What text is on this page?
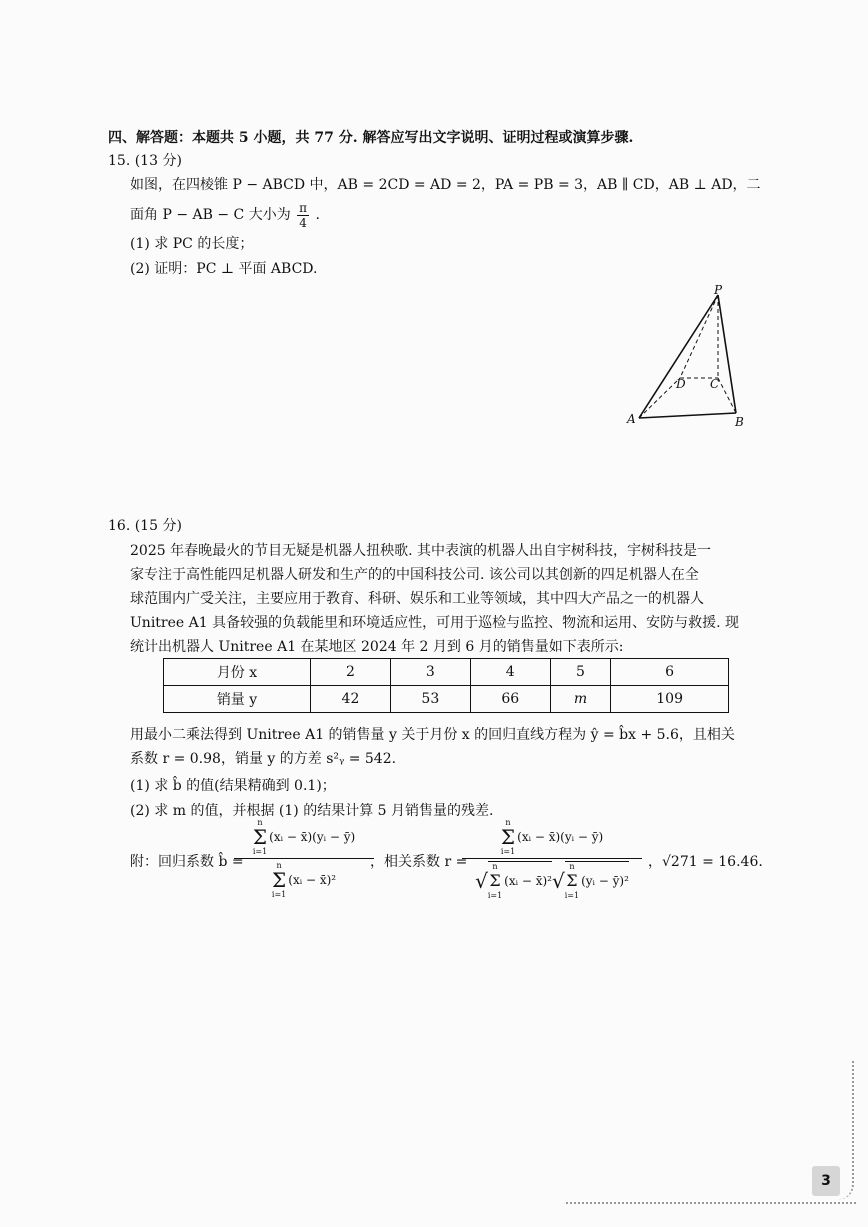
四、解答题：本题共 5 小题，共 77 分. 解答应写出文字说明、证明过程或演算步骤.
15. (13 分)
如图，在四棱锥 P − ABCD 中，AB = 2CD = AD = 2，PA = PB = 3，AB ∥ CD，AB ⊥ AD，二
面角 P − AB − C 大小为 $\frac{\pi}{4}$ .
(1) 求 PC 的长度；
(2) 证明：PC ⊥ 平面 ABCD.
P
A	B
C
D
16. (15 分)
2025 年春晚最火的节目无疑是机器人扭秧歌. 其中表演的机器人出自宇树科技，宇树科技是一
家专注于高性能四足机器人研发和生产的的中国科技公司. 该公司以其创新的四足机器人在全
球范围内广受关注，主要应用于教育、科研、娱乐和工业等领域，其中四大产品之一的机器人
Unitree A1 具备较强的负载能里和环境适应性，可用于巡检与监控、物流和运用、安防与救援. 现
统计出机器人 Unitree A1 在某地区 2024 年 2 月到 6 月的销售量如下表所示:
月份 x	2	3	4	5	6
销量 y	42	53	66	m	109
用最小二乘法得到 Unitree A1 的销售量 y 关于月份 x 的回归直线方程为 ŷ = b̂x + 5.6，且相关
系数 r = 0.98，销量 y 的方差 s²ᵧ = 542.
(1) 求 b̂ 的值(结果精确到 0.1)；
(2) 求 m 的值，并根据 (1) 的结果计算 5 月销售量的残差.
附：回归系数 b̂ =
n
Σ
i=1
(xᵢ − x̄)(yᵢ − ȳ)
n
Σ
i=1
(xᵢ − x̄)²
，相关系数 r =
n
Σ
i=1
(xᵢ − x̄)(yᵢ − ȳ)
√
n
Σ
i=1
(xᵢ − x̄)² √
n
Σ
i=1
(yᵢ − ȳ)²
，√271 = 16.46.
3
